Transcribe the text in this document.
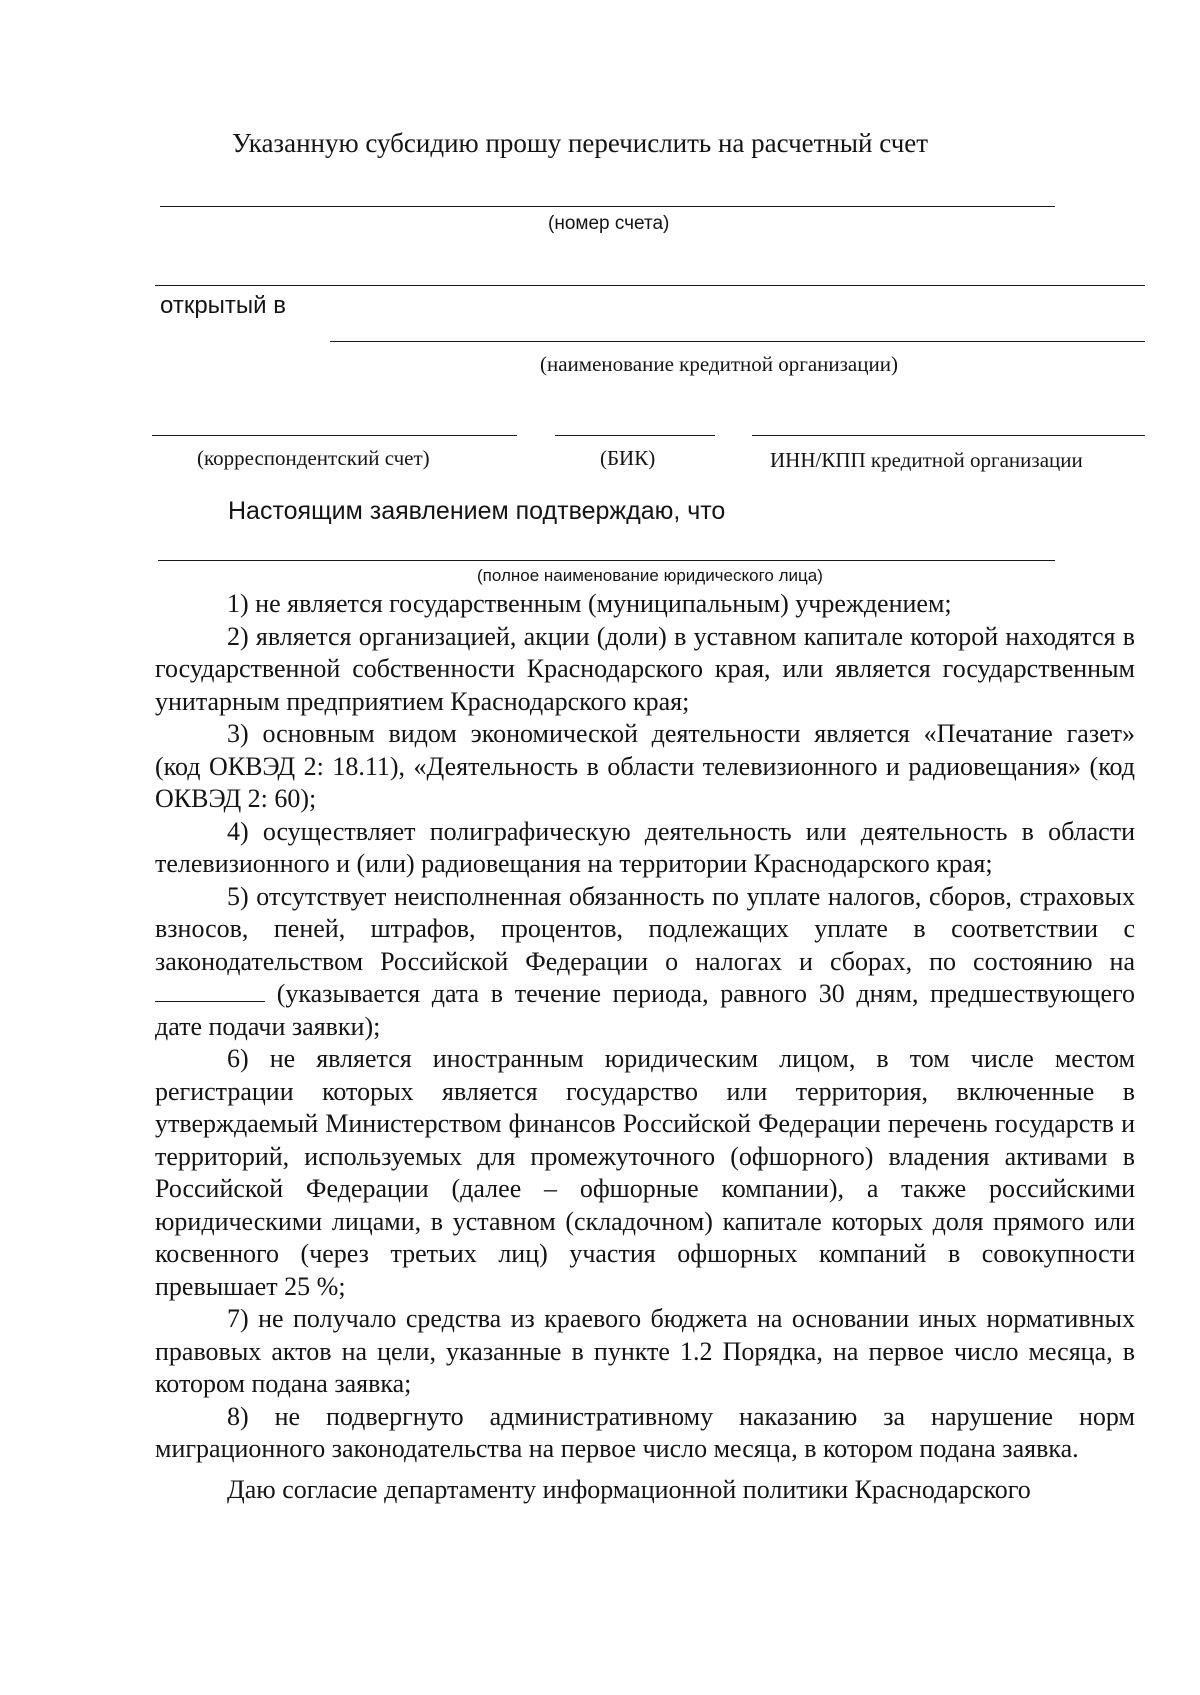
Указанную субсидию прошу перечислить на расчетный счет
(номер счета)
открытый в
(наименование кредитной организации)
(корреспондентский счет)	(БИК)	ИНН/КПП кредитной организации
Настоящим заявлением подтверждаю, что
(полное наименование юридического лица)

1) не является государственным (муниципальным) учреждением;

2) является организацией, акции (доли) в уставном капитале которой находятся в государственной собственности Краснодарского края, или является государственным унитарным предприятием Краснодарского края;

3) основным видом экономической деятельности является «Печатание газет» (код ОКВЭД 2: 18.11), «Деятельность в области телевизионного и радиовещания» (код ОКВЭД 2: 60);

4) осуществляет полиграфическую деятельность или деятельность в области телевизионного и (или) радиовещания на территории Краснодарского края;

5) отсутствует неисполненная обязанность по уплате налогов, сборов, страховых взносов, пеней, штрафов, процентов, подлежащих уплате в соответствии с законодательством Российской Федерации о налогах и сборах, по состоянию на  (указывается дата в течение периода, равного 30 дням, предшествующего дате подачи заявки);

6) не является иностранным юридическим лицом, в том числе местом регистрации которых является государство или территория, включенные в утверждаемый Министерством финансов Российской Федерации перечень государств и территорий, используемых для промежуточного (офшорного) владения активами в Российской Федерации (далее – офшорные компании), а также российскими юридическими лицами, в уставном (складочном) капитале которых доля прямого или косвенного (через третьих лиц) участия офшорных компаний в совокупности превышает 25 %;

7) не получало средства из краевого бюджета на основании иных нормативных правовых актов на цели, указанные в пункте 1.2 Порядка, на первое число месяца, в котором подана заявка;

8) не подвергнуто административному наказанию за нарушение норм миграционного законодательства на первое число месяца, в котором подана заявка.

Даю согласие департаменту информационной политики Краснодарского
